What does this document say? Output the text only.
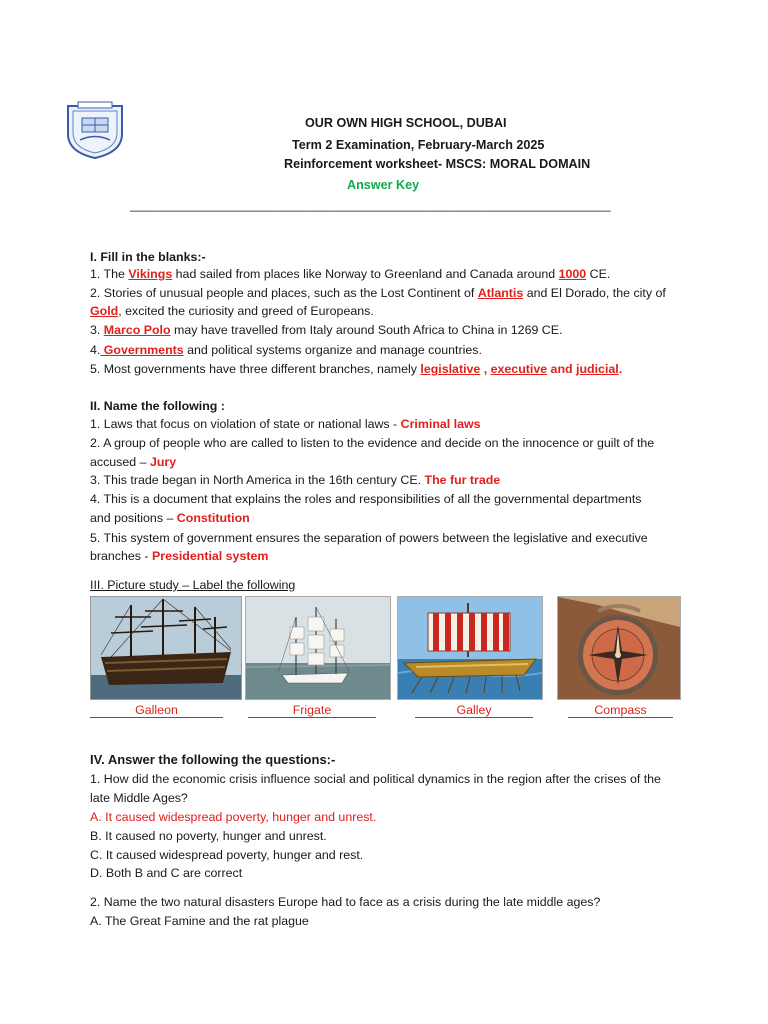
OUR OWN HIGH SCHOOL, DUBAI
Term 2 Examination, February-March 2025
Reinforcement worksheet- MSCS: MORAL DOMAIN
Answer Key
________________________________________________________________________
I. Fill in the blanks:-
1. The Vikings had sailed from places like Norway to Greenland and Canada around 1000 CE.
2. Stories of unusual people and places, such as the Lost Continent of Atlantis and El Dorado, the city of
Gold, excited the curiosity and greed of Europeans.
3. Marco Polo may have travelled from Italy around South Africa to China in 1269 CE.
4. Governments and political systems organize and manage countries.
5. Most governments have three different branches, namely legislative , executive and judicial.
II. Name the following :
1. Laws that focus on violation of state or national laws - Criminal laws
2. A group of people who are called to listen to the evidence and decide on the innocence or guilt of the
accused – Jury
3. This trade began in North America in the 16th century CE. The fur trade
4. This is a document that explains the roles and responsibilities of all the governmental departments
and positions – Constitution
5. This system of government ensures the separation of powers between the legislative and executive
branches - Presidential system
III. Picture study – Label the following
Galleon	Frigate	Galley	Compass
IV. Answer the following the questions:-
1. How did the economic crisis influence social and political dynamics in the region after the crises of the
late Middle Ages?
A. It caused widespread poverty, hunger and unrest.
B. It caused no poverty, hunger and unrest.
C. It caused widespread poverty, hunger and rest.
D. Both B and C are correct
2. Name the two natural disasters Europe had to face as a crisis during the late middle ages?
A. The Great Famine and the rat plague
